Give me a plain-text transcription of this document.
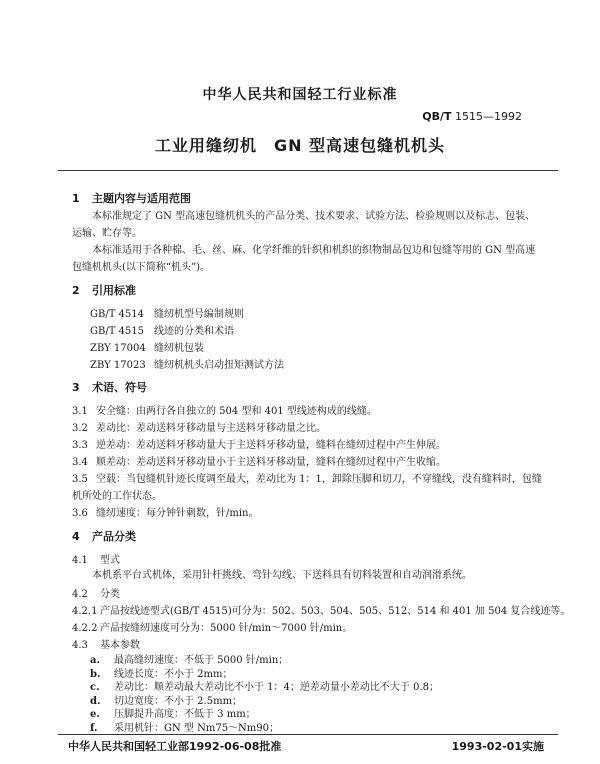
中华人民共和国轻工行业标准
QB/T 1515—1992
工业用缝纫机　GN 型高速包缝机机头
1 主题内容与适用范围
本标准规定了 GN 型高速包缝机机头的产品分类、技术要求、试验方法、检验规则以及标志、包装、
运输、贮存等。
本标准适用于各种棉、毛、丝、麻、化学纤维的针织和机织的织物制品包边和包缝等用的 GN 型高速
包缝机机头(以下简称“机头”)。
2 引用标准
GB/T 4514 缝纫机型号编制规则
GB/T 4515 线迹的分类和术语
ZBY 17004 缝纫机包装
ZBY 17023 缝纫机机头启动扭矩测试方法
3 术语、符号
3.1 安全缝：由两行各自独立的 504 型和 401 型线迹构成的线缝。
3.2 差动比：差动送料牙移动量与主送料牙移动量之比。
3.3 逆差动：差动送料牙移动量大于主送料牙移动量，缝料在缝纫过程中产生伸展。
3.4 顺差动：差动送料牙移动量小于主送料牙移动量，缝料在缝纫过程中产生收缩。
3.5 空载：当包缝机针迹长度调至最大，差动比为 1：1，卸除压脚和切刀，不穿缝线，没有缝料时，包缝
机所处的工作状态。
3.6 缝纫速度：每分钟针刺数，针/min。
4 产品分类
4.1 型式
本机系平台式机体，采用针杆挑线、弯针勾线、下送料具有切料装置和自动润滑系统。
4.2 分类
4.2.1 产品按线迹型式(GB/T 4515)可分为：502、503、504、505、512、514 和 401 加 504 复合线迹等。
4.2.2 产品按缝纫速度可分为：5000 针/min～7000 针/min。
4.3 基本参数
a. 最高缝纫速度：不低于 5000 针/min；
b. 线迹长度：不小于 2mm；
c. 差动比：顺差动最大差动比不小于 1：4；逆差动量小差动比不大于 0.8；
d. 切边宽度：不小于 2.5mm；
e. 压脚提升高度：不低于 3 mm；
f. 采用机针：GN 型 Nm75～Nm90；
中华人民共和国轻工业部1992-06-08批准	1993-02-01实施
